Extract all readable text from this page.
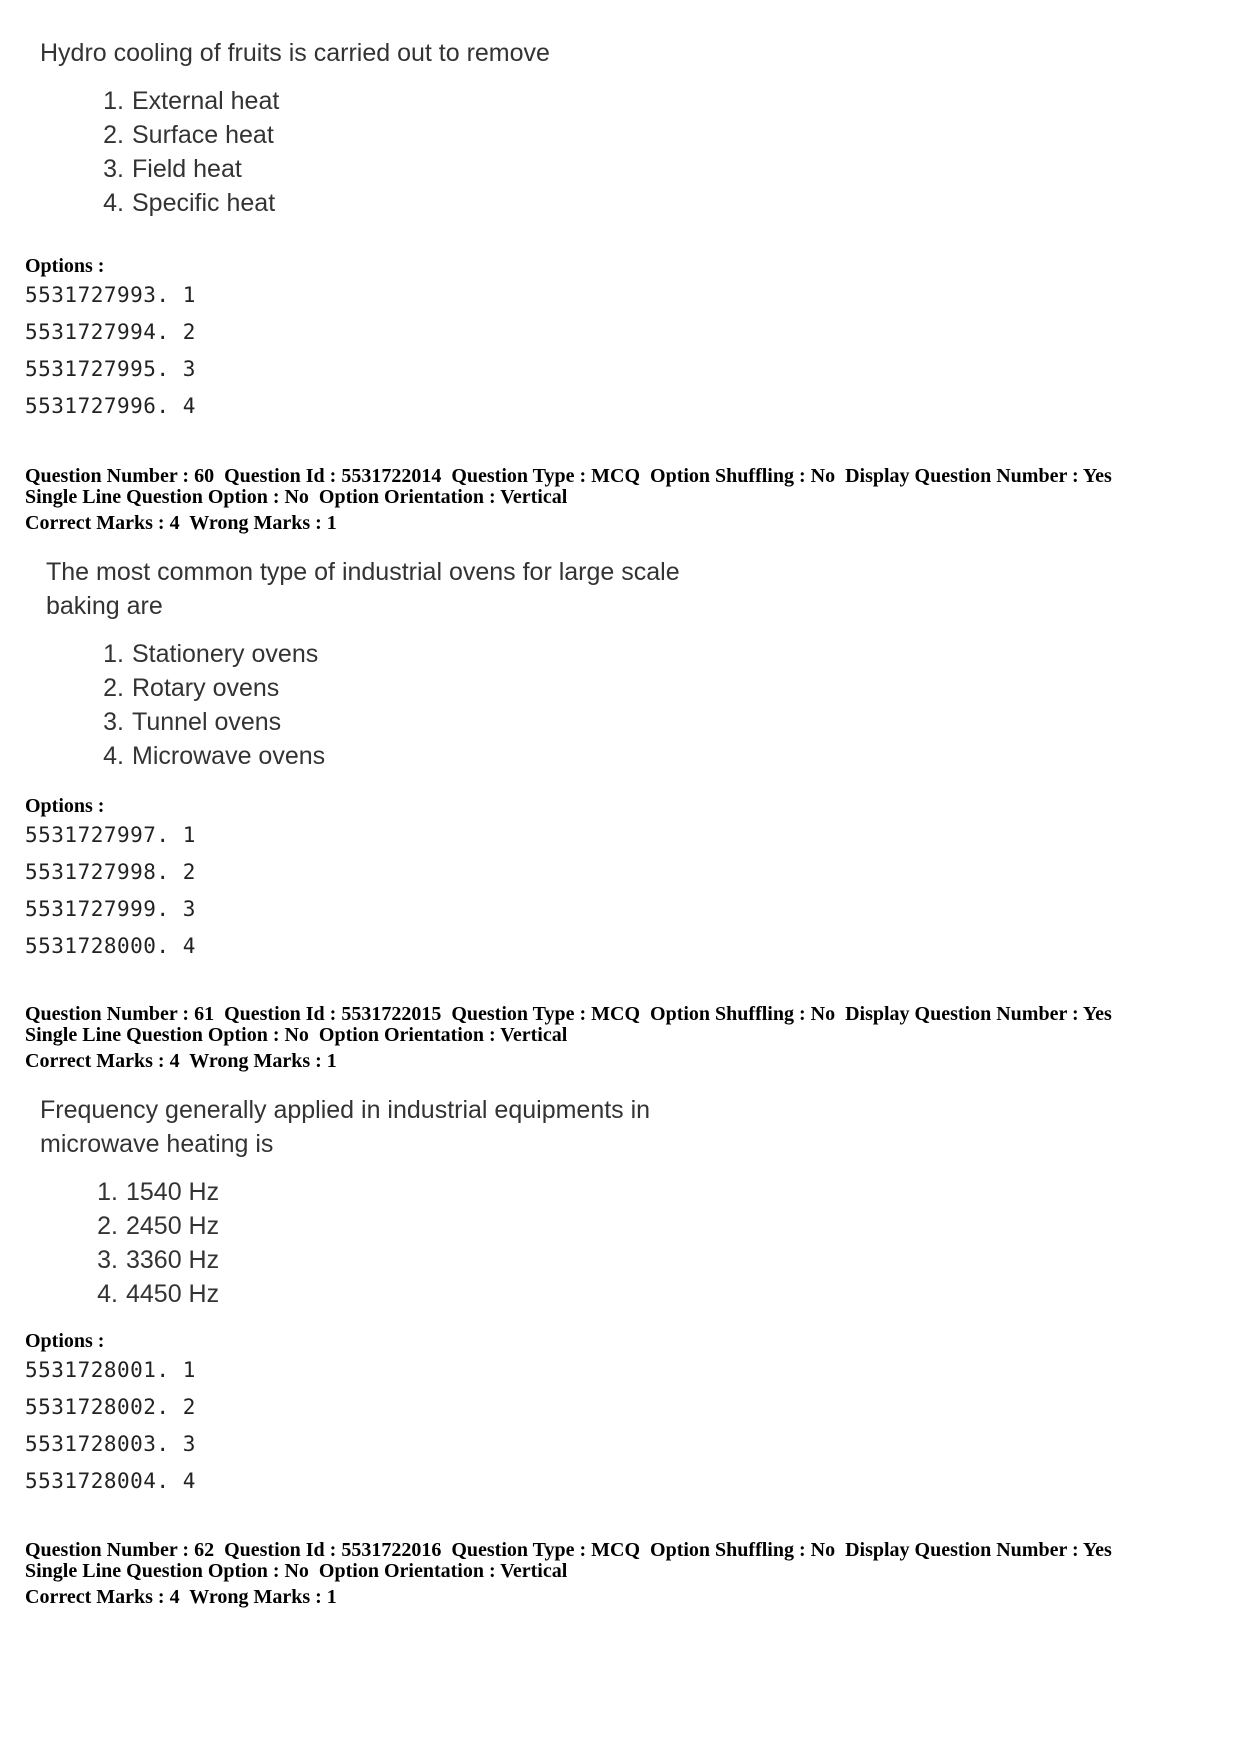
Hydro cooling of fruits is carried out to remove

1. External heat
2. Surface heat
3. Field heat
4. Specific heat
Options :
5531727993. 1
5531727994. 2
5531727995. 3
5531727996. 4
Question Number : 60  Question Id : 5531722014  Question Type : MCQ  Option Shuffling : No  Display Question Number : Yes
Single Line Question Option : No  Option Orientation : Vertical
Correct Marks : 4  Wrong Marks : 1

The most common type of industrial ovens for large scale

baking are

1. Stationery ovens
2. Rotary ovens
3. Tunnel ovens
4. Microwave ovens
Options :
5531727997. 1
5531727998. 2
5531727999. 3
5531728000. 4
Question Number : 61  Question Id : 5531722015  Question Type : MCQ  Option Shuffling : No  Display Question Number : Yes
Single Line Question Option : No  Option Orientation : Vertical
Correct Marks : 4  Wrong Marks : 1

Frequency generally applied in industrial equipments in

microwave heating is

1. 1540 Hz
2. 2450 Hz
3. 3360 Hz
4. 4450 Hz
Options :
5531728001. 1
5531728002. 2
5531728003. 3
5531728004. 4
Question Number : 62  Question Id : 5531722016  Question Type : MCQ  Option Shuffling : No  Display Question Number : Yes
Single Line Question Option : No  Option Orientation : Vertical
Correct Marks : 4  Wrong Marks : 1
